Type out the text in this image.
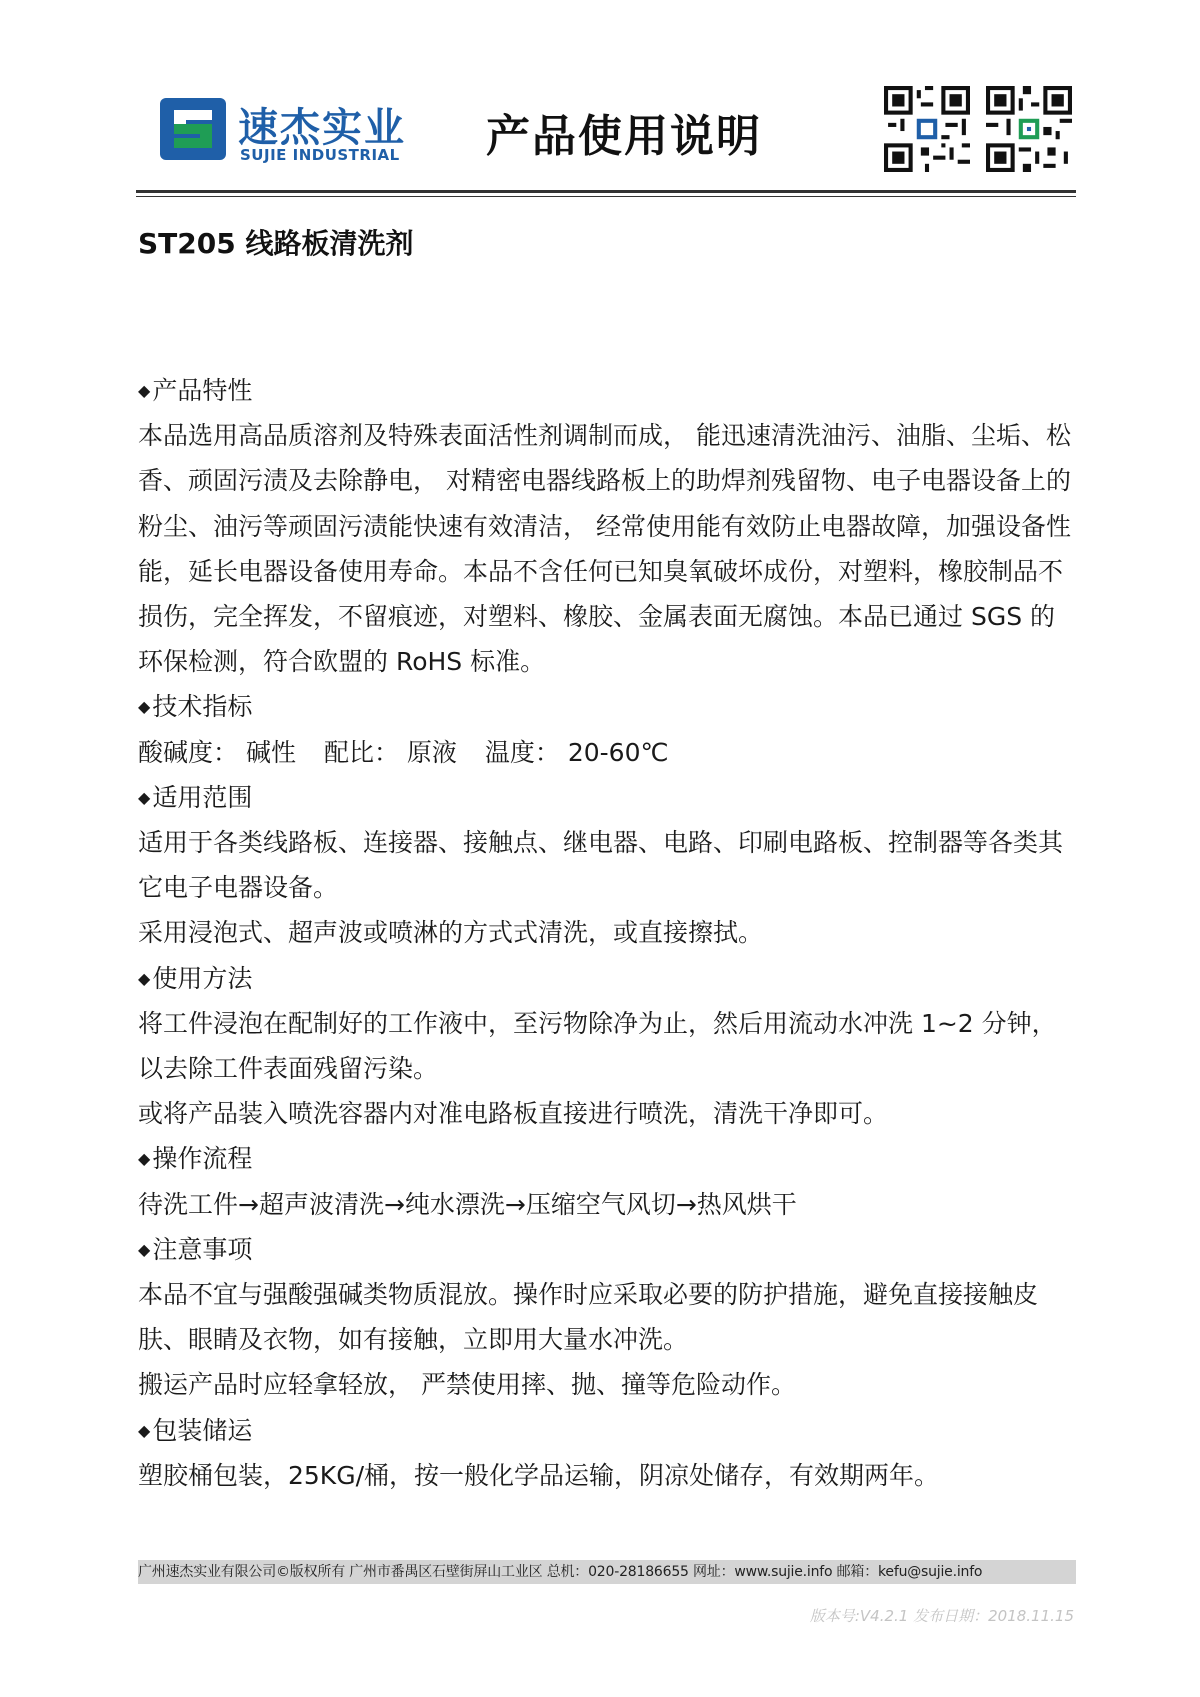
速杰实业
SUJIE INDUSTRIAL 产品使用说明
ST205 线路板清洗剂

◆产品特性

本品选用高品质溶剂及特殊表面活性剂调制而成， 能迅速清洗油污、油脂、尘垢、松香、顽固污渍及去除静电， 对精密电器线路板上的助焊剂残留物、电子电器设备上的粉尘、油污等顽固污渍能快速有效清洁， 经常使用能有效防止电器故障，加强设备性能，延长电器设备使用寿命。本品不含任何已知臭氧破坏成份，对塑料，橡胶制品不损伤，完全挥发，不留痕迹，对塑料、橡胶、金属表面无腐蚀。本品已通过 SGS 的环保检测，符合欧盟的 RoHS 标准。

◆技术指标

酸碱度： 碱性 配比： 原液 温度： 20-60℃

◆适用范围

适用于各类线路板、连接器、接触点、继电器、电路、印刷电路板、控制器等各类其它电子电器设备。

采用浸泡式、超声波或喷淋的方式式清洗，或直接擦拭。

◆使用方法

将工件浸泡在配制好的工作液中，至污物除净为止，然后用流动水冲洗 1~2 分钟，以去除工件表面残留污染。

或将产品装入喷洗容器内对准电路板直接进行喷洗，清洗干净即可。

◆操作流程

待洗工件→超声波清洗→纯水漂洗→压缩空气风切→热风烘干

◆注意事项

本品不宜与强酸强碱类物质混放。操作时应采取必要的防护措施，避免直接接触皮肤、眼睛及衣物，如有接触，立即用大量水冲洗。

搬运产品时应轻拿轻放， 严禁使用摔、抛、撞等危险动作。

◆包装储运

塑胶桶包装，25KG/桶，按一般化学品运输，阴凉处储存，有效期两年。

广州速杰实业有限公司©版权所有 广州市番禺区石壁街屏山工业区 总机：020-28186655 网址：www.sujie.info 邮箱：kefu@sujie.info
版本号:V4.2.1 发布日期：2018.11.15
